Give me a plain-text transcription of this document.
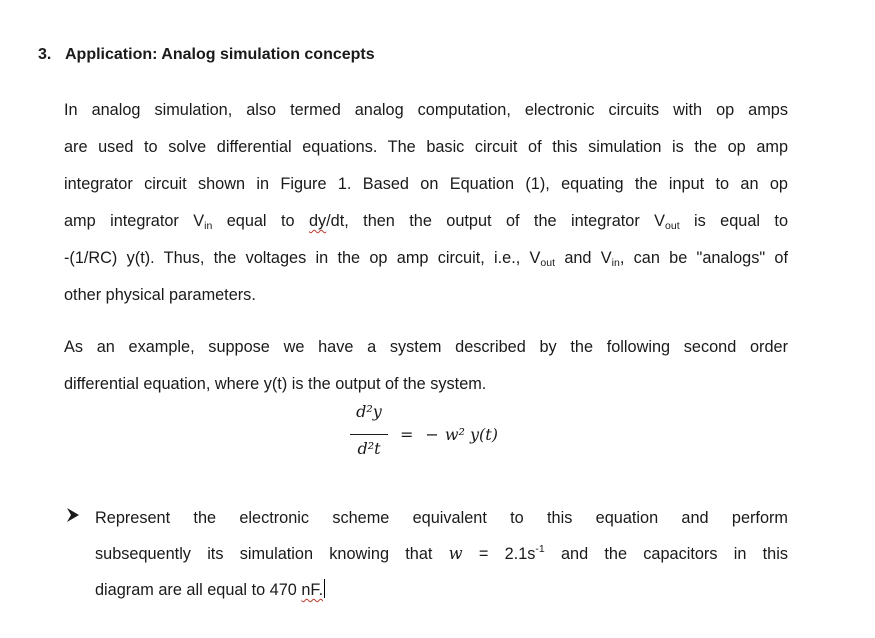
3. Application: Analog simulation concepts
In analog simulation, also termed analog computation, electronic circuits with op amps
are used to solve differential equations. The basic circuit of this simulation is the op amp
integrator circuit shown in Figure 1. Based on Equation (1), equating the input to an op
amp integrator $V_{in}$ equal to dy/dt, then the output of the integrator $V_{out}$ is equal to
-(1/RC) y(t). Thus, the voltages in the op amp circuit, i.e., $V_{out}$ and $V_{in}$, can be "analogs" of
other physical parameters.
As an example, suppose we have a system described by the following second order
differential equation, where y(t) is the output of the system.
d²y
d²t
= − w² y(t)
Represent the electronic scheme equivalent to this equation and perform
subsequently its simulation knowing that $w = 2.1s^{-1}$ and the capacitors in this
diagram are all equal to 470 nF.
